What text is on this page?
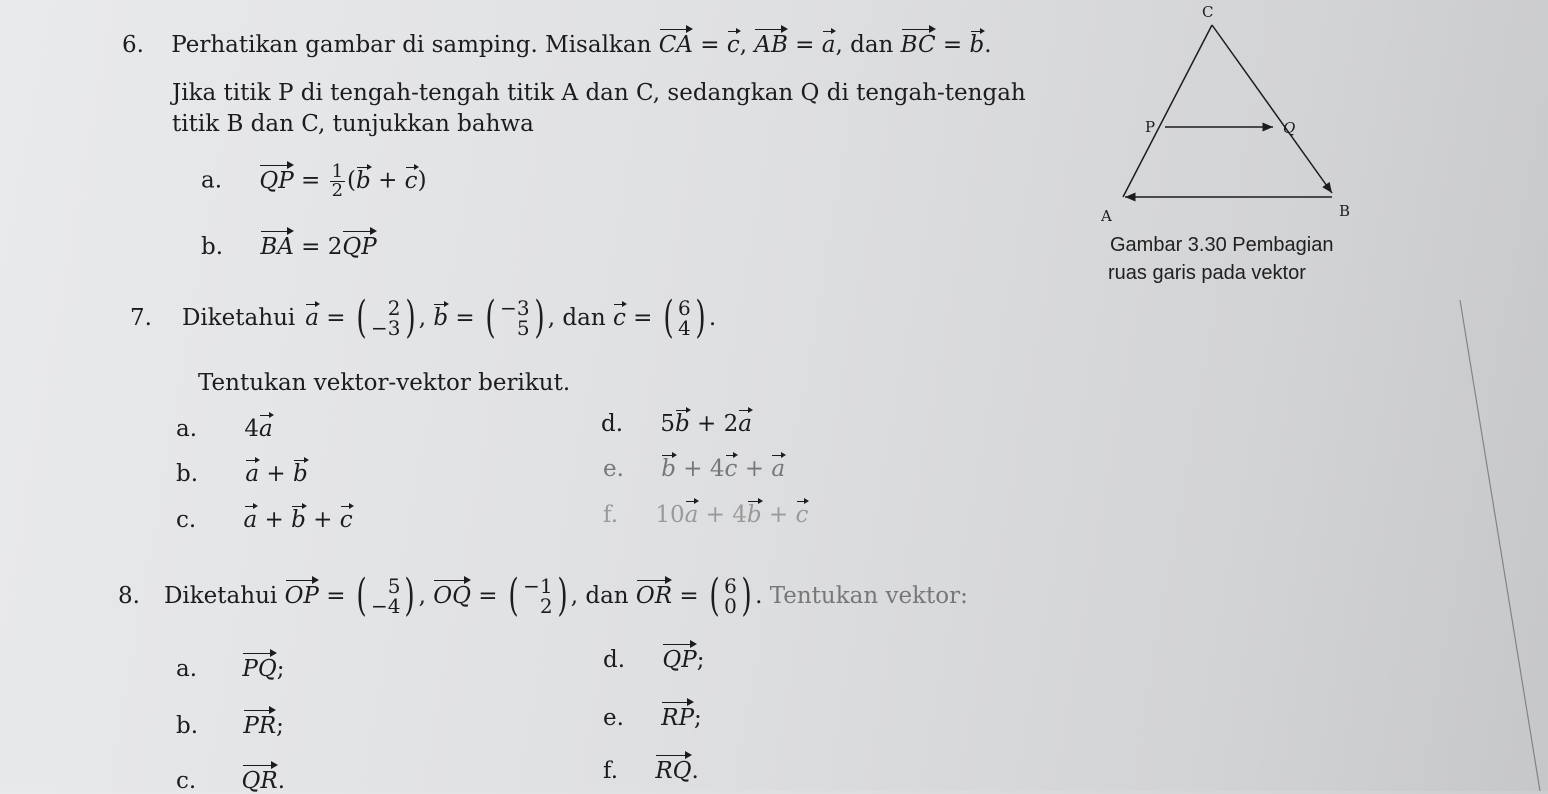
6. Perhatikan gambar di samping. Misalkan CA = c, AB = a, dan BC = b.
Jika titik P di tengah-tengah titik A dan C, sedangkan Q di tengah-tengah
titik B dan C, tunjukkan bahwa
a. QP = $\frac{1}{2} (b + c)$
b. BA = 2QP
C
P	Q
A	B
Gambar 3.30 Pembagian
ruas garis pada vektor
7. Diketahui a = ( 2
−3 ) , b = ( −3
5 ) , dan
c = ( 6
4 ) .
Tentukan vektor-vektor berikut.
a. 4a
b. a + b
c. a + b + c
d. 5b + 2a
e. b + 4c + a
f. 10a + 4b + c
8. Diketahui
OP = ( 5
−4 ) , OQ = ( −1
2 ) , dan
OR = ( 6
0 ) . Tentukan vektor:
a. PQ;
b. PR;
c. QR.
d. QP;
e. RP;
f. RQ.
